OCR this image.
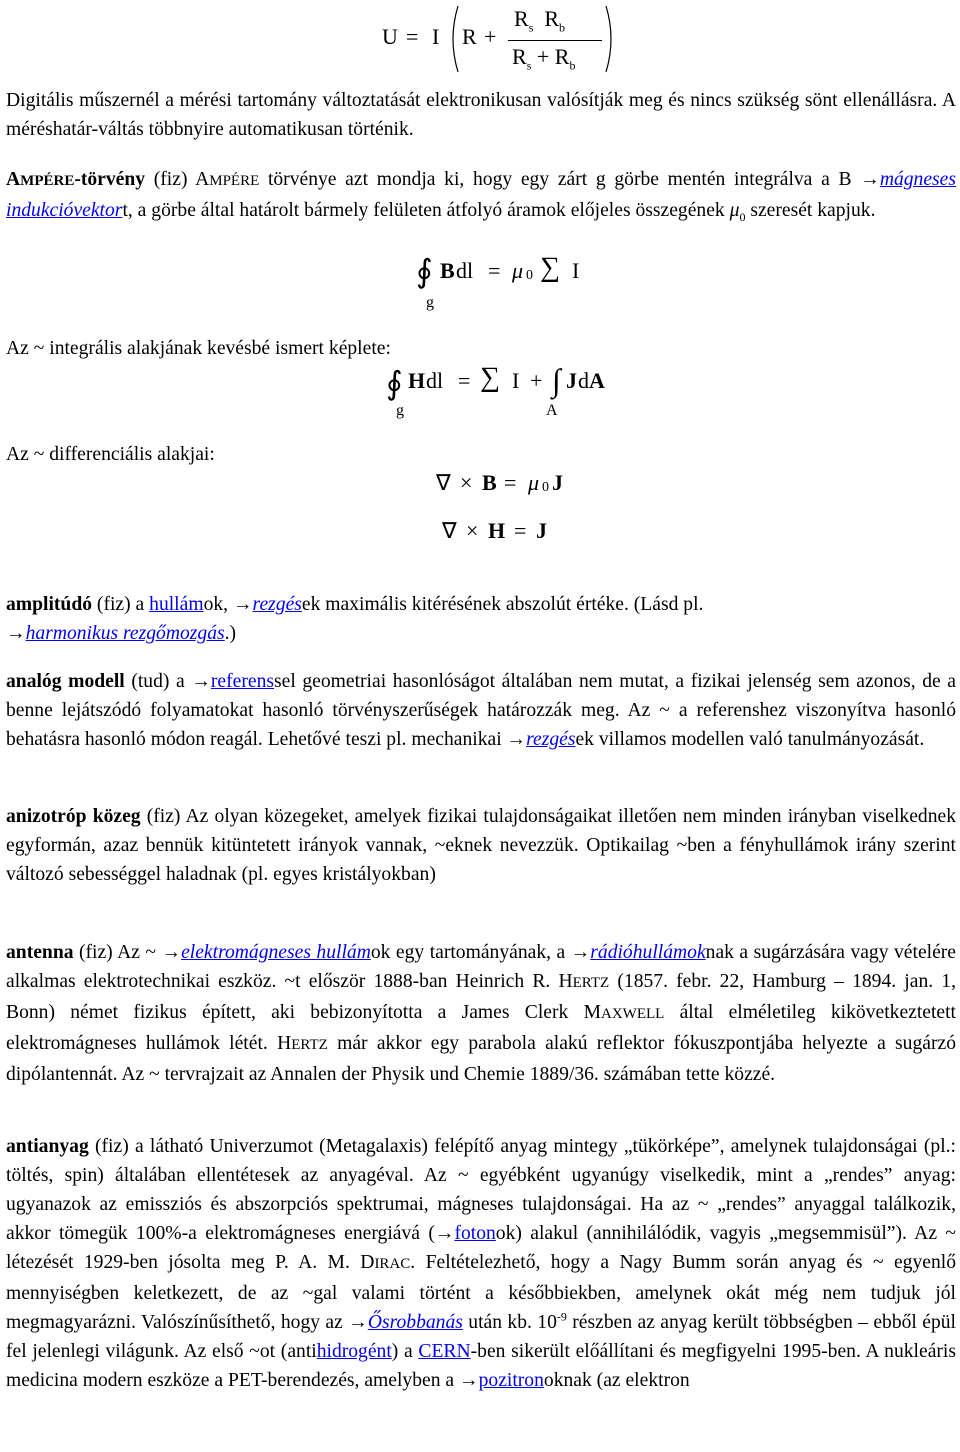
U = I R +
$R_s$ $R_b$
$R_s + R_b$

Digitális műszernél a mérési tartomány változtatását elektronikusan valósítják meg és nincs szükség sönt ellenállásra. A méréshatár-váltás többnyire automatikusan történik.

AMPÉRE-törvény (fiz) AMPÉRE törvénye azt mondja ki, hogy egy zárt g görbe mentén integrálva a B →mágneses indukcióvektort, a görbe által határolt bármely felületen átfolyó áramok előjeles összegének $\mu_0$ szeresét kapjuk.

∮ B dl = μ 0 ∑ I
g

Az ~ integrális alakjának kevésbé ismert képlete:

∮ H dl = ∑ I + ∫ J d A
g	A

Az ~ differenciális alakjai:

∇ × B = μ 0 J
∇ × H = J

amplitúdó (fiz) a hullámok, →rezgések maximális kitérésének abszolút értéke. (Lásd pl.
→harmonikus rezgőmozgás.)

analóg modell (tud) a →referenssel geometriai hasonlóságot általában nem mutat, a fizikai jelenség sem azonos, de a benne lejátszódó folyamatokat hasonló törvényszerűségek határozzák meg. Az ~ a referenshez viszonyítva hasonló behatásra hasonló módon reagál. Lehetővé teszi pl. mechanikai →rezgések villamos modellen való tanulmányozását.

anizotróp közeg (fiz) Az olyan közegeket, amelyek fizikai tulajdonságaikat illetően nem minden irányban viselkednek egyformán, azaz bennük kitüntetett irányok vannak, ~eknek nevezzük. Optikailag ~ben a fényhullámok irány szerint változó sebességgel haladnak (pl. egyes kristályokban)

antenna (fiz) Az ~ →elektromágneses hullámok egy tartományának, a →rádióhullámoknak a sugárzására vagy vételére alkalmas elektrotechnikai eszköz. ~t először 1888-ban Heinrich R. HERTZ (1857. febr. 22, Hamburg – 1894. jan. 1, Bonn) német fizikus épített, aki bebizonyította a James Clerk MAXWELL által elméletileg kikövetkeztetett elektromágneses hullámok létét. HERTZ már akkor egy parabola alakú reflektor fókuszpontjába helyezte a sugárzó dipólantennát. Az ~ tervrajzait az Annalen der Physik und Chemie 1889/36. számában tette közzé.

antianyag (fiz) a látható Univerzumot (Metagalaxis) felépítő anyag mintegy „tükörképe”, amelynek tulajdonságai (pl.: töltés, spin) általában ellentétesek az anyagéval. Az ~ egyébként ugyanúgy viselkedik, mint a „rendes” anyag: ugyanazok az emissziós és abszorpciós spektrumai, mágneses tulajdonságai. Ha az ~ „rendes” anyaggal találkozik, akkor tömegük 100%-a elektromágneses energiává (→fotonok) alakul (annihilálódik, vagyis „megsemmisül”). Az ~ létezését 1929-ben jósolta meg P. A. M. DIRAC. Feltételezhető, hogy a Nagy Bumm során anyag és ~ egyenlő mennyiségben keletkezett, de az ~gal valami történt a későbbiekben, amelynek okát még nem tudjuk jól megmagyarázni. Valószínűsíthető, hogy az →Ősrobbanás után kb. $10^{-9}$ részben az anyag került többségben – ebből épül fel jelenlegi világunk. Az első ~ot (antihidrogént) a CERN-ben sikerült előállítani és megfigyelni 1995-ben. A nukleáris medicina modern eszköze a PET-berendezés, amelyben a →pozitronoknak (az elektron
